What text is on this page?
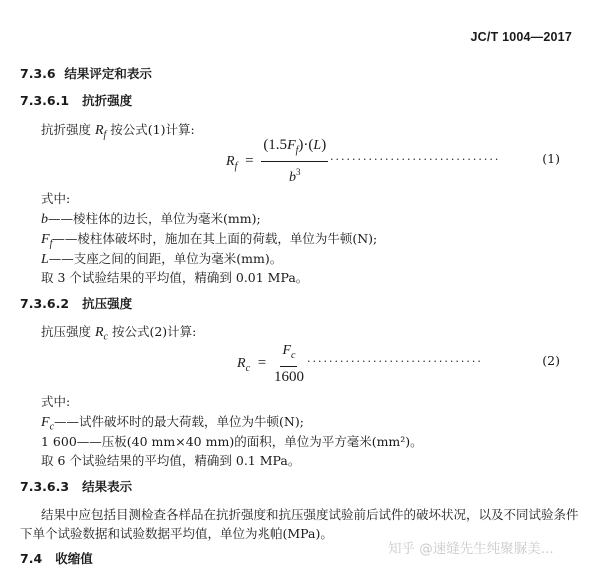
JC/T 1004—2017
7.3.6 结果评定和表示
7.3.6.1 抗折强度
抗折强度 $R_f$ 按公式(1)计算:
$R_f = \frac{(1.5F_f)\cdot(L)}{b^3}$ ·······························	(1)
式中:
b——棱柱体的边长，单位为毫米(mm);
$F_f——$棱柱体破坏时，施加在其上面的荷载，单位为牛顿(N);
L——支座之间的间距，单位为毫米(mm)。
取 3 个试验结果的平均值，精确到 0.01 MPa。
7.3.6.2 抗压强度
抗压强度 $R_c$ 按公式(2)计算:
$R_c = \frac{F_c}{1600}$ ································	(2)
式中:
$F_c——$试件破坏时的最大荷载，单位为牛顿(N);
1 600——压板(40 mm×40 mm)的面积，单位为平方毫米(mm²)。
取 6 个试验结果的平均值，精确到 0.1 MPa。
7.3.6.3 结果表示
结果中应包括目测检查各样品在抗折强度和抗压强度试验前后试件的破坏状况，以及不同试验条件
下单个试验数据和试验数据平均值，单位为兆帕(MPa)。
7.4 收缩值
知乎 @速缝先生纯聚脲美...
